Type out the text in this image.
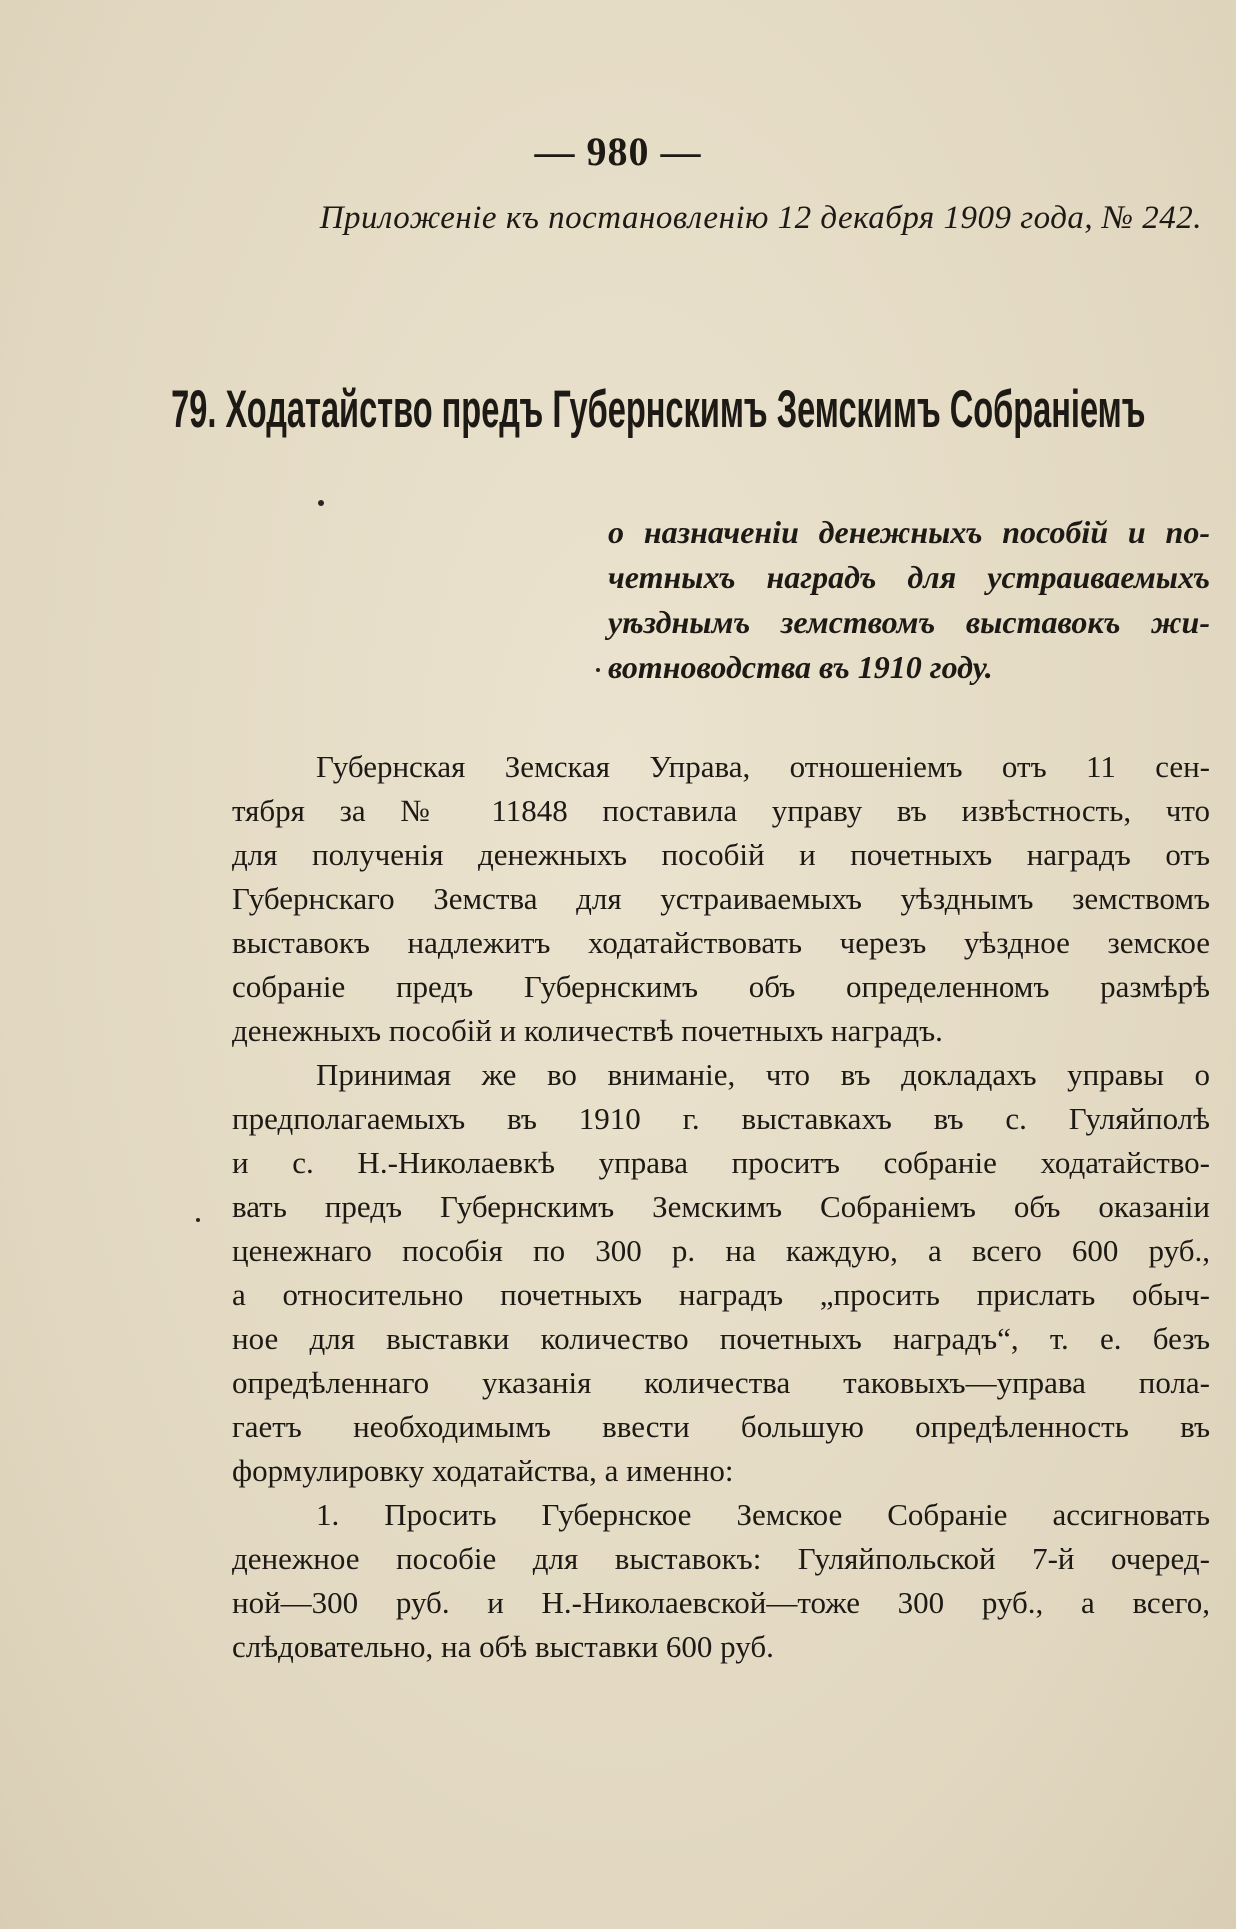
— 980 —
Приложенiе къ постановленiю 12 декабря 1909 года, № 242.
79. Ходатайство предъ Губернскимъ Земскимъ Собранiемъ
о назначенiи денежныхъ пособiй и по-
четныхъ наградъ для устраиваемыхъ
уѣзднымъ земствомъ выставокъ жи-
вотноводства въ 1910 году.
Губернская Земская Управа, отношенiемъ отъ 11 сен-
тября за № 11848 поставила управу въ извѣстность, что
для полученiя денежныхъ пособiй и почетныхъ наградъ отъ
Губернскаго Земства для устраиваемыхъ уѣзднымъ земствомъ
выставокъ надлежитъ ходатайствовать черезъ уѣздное земское
собранiе предъ Губернскимъ объ определенномъ размѣрѣ
денежныхъ пособiй и количествѣ почетныхъ наградъ.
Принимая же во вниманiе, что въ докладахъ управы о
предполагаемыхъ въ 1910 г. выставкахъ въ с. Гуляйполѣ
и с. Н.-Николаевкѣ управа проситъ собранiе ходатайство-
вать предъ Губернскимъ Земскимъ Собранiемъ объ оказанiи
ценежнаго пособiя по 300 р. на каждую, а всего 600 руб.,
а относительно почетныхъ наградъ „просить прислать обыч-
ное для выставки количество почетныхъ наградъ“, т. е. безъ
опредѣленнаго указанiя количества таковыхъ—управа пола-
гаетъ необходимымъ ввести большую опредѣленность въ
формулировку ходатайства, а именно:
1. Просить Губернское Земское Собранiе ассигновать
денежное пособiе для выставокъ: Гуляйпольской 7-й очеред-
ной—300 руб. и Н.-Николаевской—тоже 300 руб., а всего,
слѣдовательно, на обѣ выставки 600 руб.
